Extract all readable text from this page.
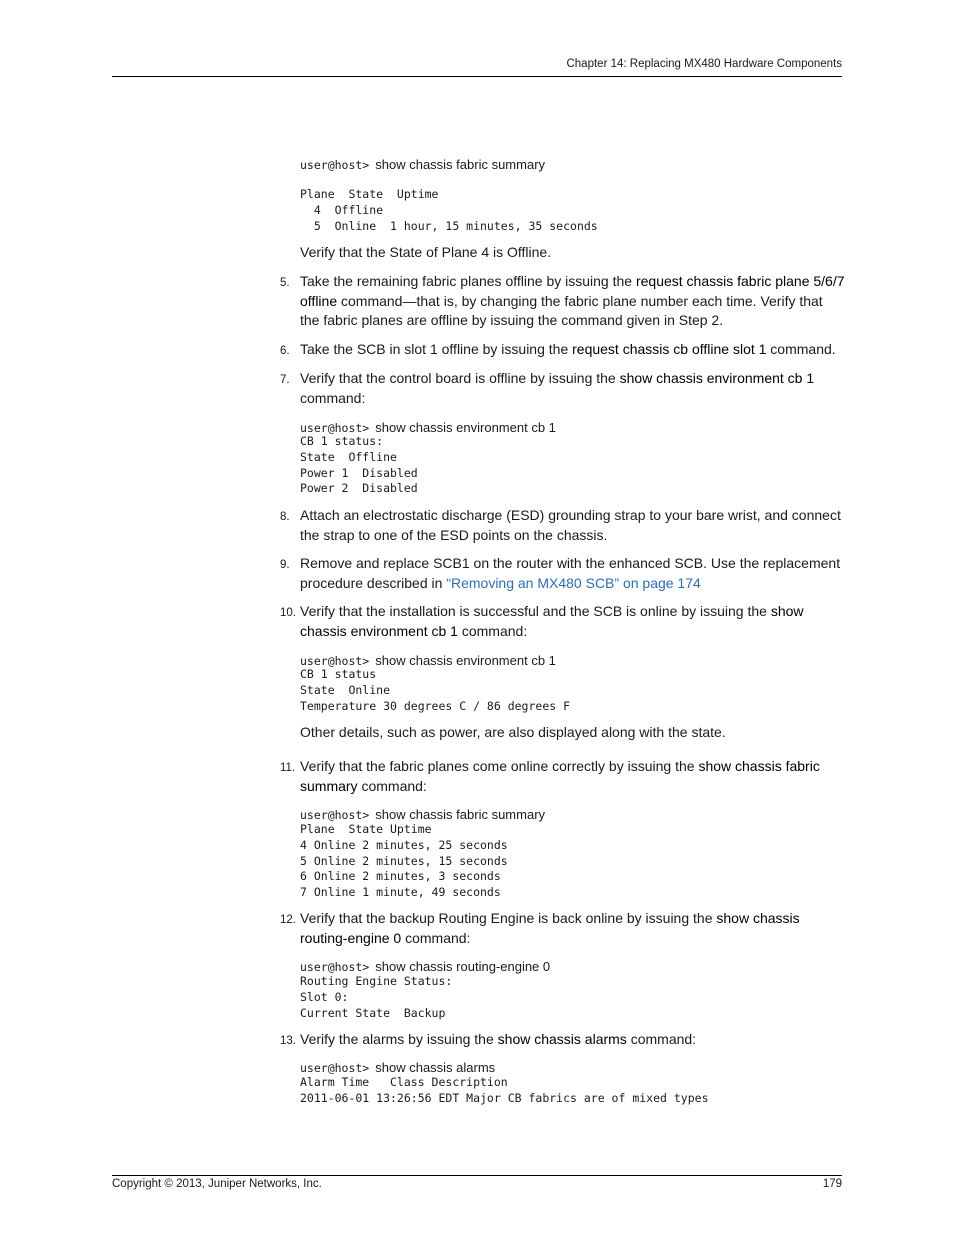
Chapter 14: Replacing MX480 Hardware Components
user@host> show chassis fabric summary
Plane  State  Uptime
4  Offline
5  Online  1 hour, 15 minutes, 35 seconds
Verify that the State of Plane 4 is Offline.
5. Take the remaining fabric planes offline by issuing the request chassis fabric plane 5/6/7 offline command—that is, by changing the fabric plane number each time. Verify that the fabric planes are offline by issuing the command given in Step 2.
6. Take the SCB in slot 1 offline by issuing the request chassis cb offline slot 1 command.
7. Verify that the control board is offline by issuing the show chassis environment cb 1 command:
user@host> show chassis environment cb 1
CB 1 status:
State  Offline
Power 1  Disabled
Power 2  Disabled
8. Attach an electrostatic discharge (ESD) grounding strap to your bare wrist, and connect the strap to one of the ESD points on the chassis.
9. Remove and replace SCB1 on the router with the enhanced SCB. Use the replacement procedure described in “Removing an MX480 SCB” on page 174
10. Verify that the installation is successful and the SCB is online by issuing the show chassis environment cb 1 command:
user@host> show chassis environment cb 1
CB 1 status
State  Online
Temperature 30 degrees C / 86 degrees F
Other details, such as power, are also displayed along with the state.
11. Verify that the fabric planes come online correctly by issuing the show chassis fabric summary command:
user@host> show chassis fabric summary
Plane  State Uptime
4 Online 2 minutes, 25 seconds
5 Online 2 minutes, 15 seconds
6 Online 2 minutes, 3 seconds
7 Online 1 minute, 49 seconds
12. Verify that the backup Routing Engine is back online by issuing the show chassis routing-engine 0 command:
user@host> show chassis routing-engine 0
Routing Engine Status:
Slot 0:
Current State  Backup
13. Verify the alarms by issuing the show chassis alarms command:
user@host> show chassis alarms
Alarm Time   Class Description
2011-06-01 13:26:56 EDT Major CB fabrics are of mixed types
Copyright © 2013, Juniper Networks, Inc.	179
